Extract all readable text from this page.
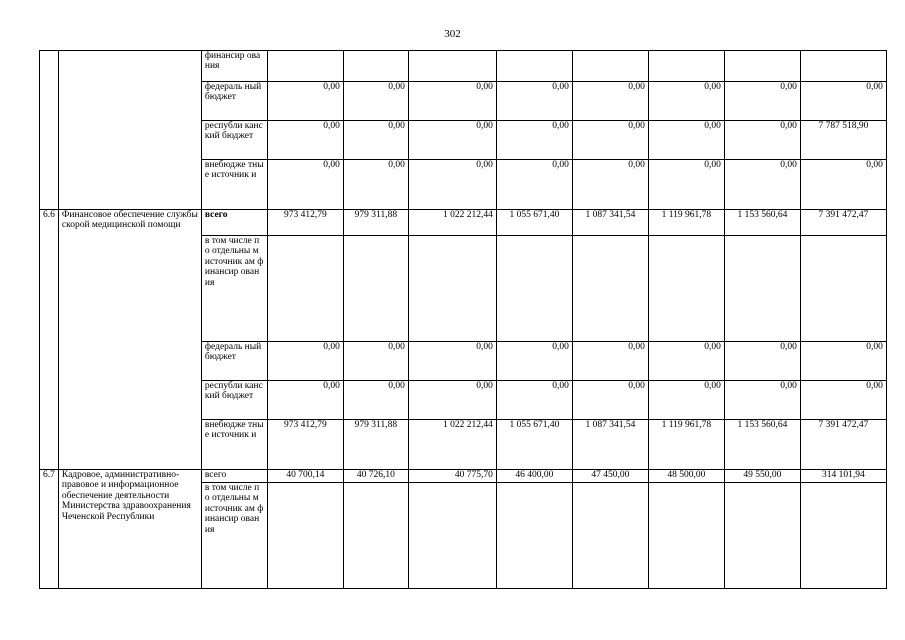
302
		финансир ования								
		федераль ный бюджет	0,00	0,00	0,00	0,00	0,00	0,00	0,00	0,00
		республи канский бюджет	0,00	0,00	0,00	0,00	0,00	0,00	0,00	7 787 518,90
		внебюдже тные источник и	0,00	0,00	0,00	0,00	0,00	0,00	0,00	0,00
6.6	Финансовое обеспечение службы скорой медицинской помощи	всего	973 412,79	979 311,88	1 022 212,44	1 055 671,40	1 087 341,54	1 119 961,78	1 153 560,64	7 391 472,47
		в том числе по отдельны м источник ам финансир ования								
		федераль ный бюджет	0,00	0,00	0,00	0,00	0,00	0,00	0,00	0,00
		республи канский бюджет	0,00	0,00	0,00	0,00	0,00	0,00	0,00	0,00
		внебюдже тные источник и	973 412,79	979 311,88	1 022 212,44	1 055 671,40	1 087 341,54	1 119 961,78	1 153 560,64	7 391 472,47
6.7	Кадровое, административно-правовое и информационное обеспечение деятельности Министерства здравоохранения Чеченской Республики	всего	40 700,14	40 726,10	40 775,70	46 400,00	47 450,00	48 500,00	49 550,00	314 101,94
		в том числе по отдельны м источник ам финансир ования								
